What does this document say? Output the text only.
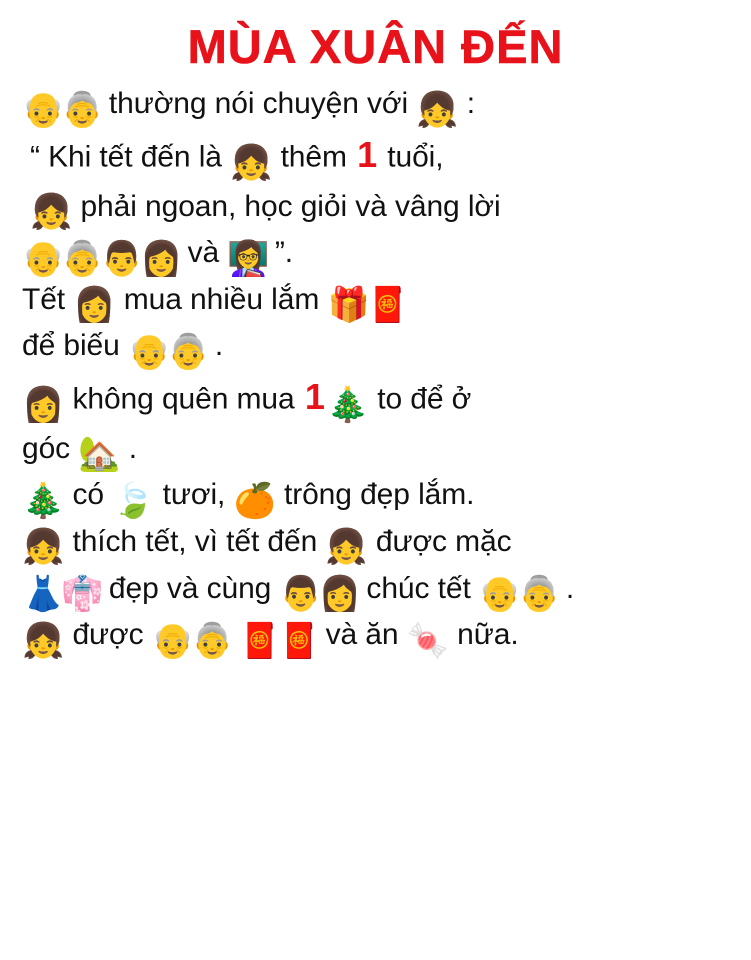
MÙA XUÂN ĐẾN
👴👵 thường nói chuyện với 👧 :
“ Khi tết đến là 👧 thêm 1 tuổi,
👧 phải ngoan, học giỏi và vâng lời
👴👵👨👩 và 👩‍🏫 ”.
Tết 👩 mua nhiều lắm 🎁🧧
để biếu 👴👵 .
👩 không quên mua 1🎄 to để ở
góc 🏡 .
🎄 có 🍃 tươi, 🍊 trông đẹp lắm.
👧 thích tết, vì tết đến 👧 được mặc
👗👘 đẹp và cùng 👨👩 chúc tết 👴👵 .
👧 được 👴👵 🧧🧧 và ăn 🍬 nữa.
